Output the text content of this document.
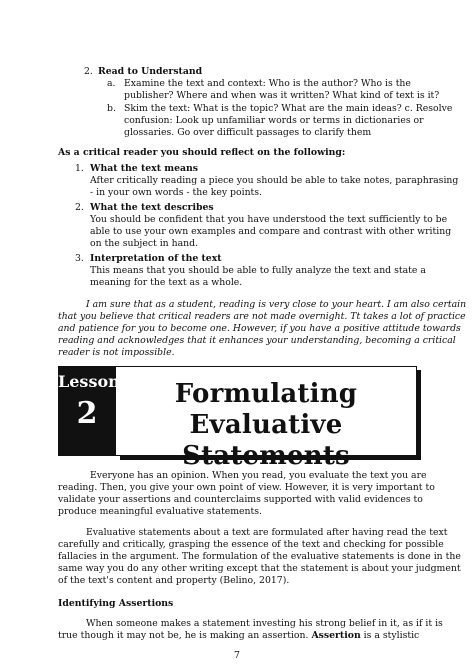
2. Read to Understand
a. Examine the text and context: Who is the author? Who is the
publisher? Where and when was it written? What kind of text is it?
b. Skim the text: What is the topic? What are the main ideas? c. Resolve
confusion: Look up unfamiliar words or terms in dictionaries or
glossaries. Go over difficult passages to clarify them
As a critical reader you should reflect on the following:
1. What the text means
After critically reading a piece you should be able to take notes, paraphrasing
- in your own words - the key points.
2. What the text describes
You should be confident that you have understood the text sufficiently to be
able to use your own examples and compare and contrast with other writing
on the subject in hand.
3. Interpretation of the text
This means that you should be able to fully analyze the text and state a
meaning for the text as a whole.
I am sure that as a student, reading is very close to your heart. I am also certain
that you believe that critical readers are not made overnight. Tt takes a lot of practice
and patience for you to become one. However, if you have a positive attitude towards
reading and acknowledges that it enhances your understanding, becoming a critical
reader is not impossible.
Lesson
2
Formulating
Evaluative Statements
Everyone has an opinion. When you read, you evaluate the text you are
reading. Then, you give your own point of view. However, it is very important to
validate your assertions and counterclaims supported with valid evidences to
produce meaningful evaluative statements.
Evaluative statements about a text are formulated after having read the text
carefully and critically, grasping the essence of the text and checking for possible
fallacies in the argument. The formulation of the evaluative statements is done in the
same way you do any other writing except that the statement is about your judgment
of the text's content and property (Belino, 2017).
Identifying Assertions
When someone makes a statement investing his strong belief in it, as if it is
true though it may not be, he is making an assertion. Assertion is a stylistic
7
